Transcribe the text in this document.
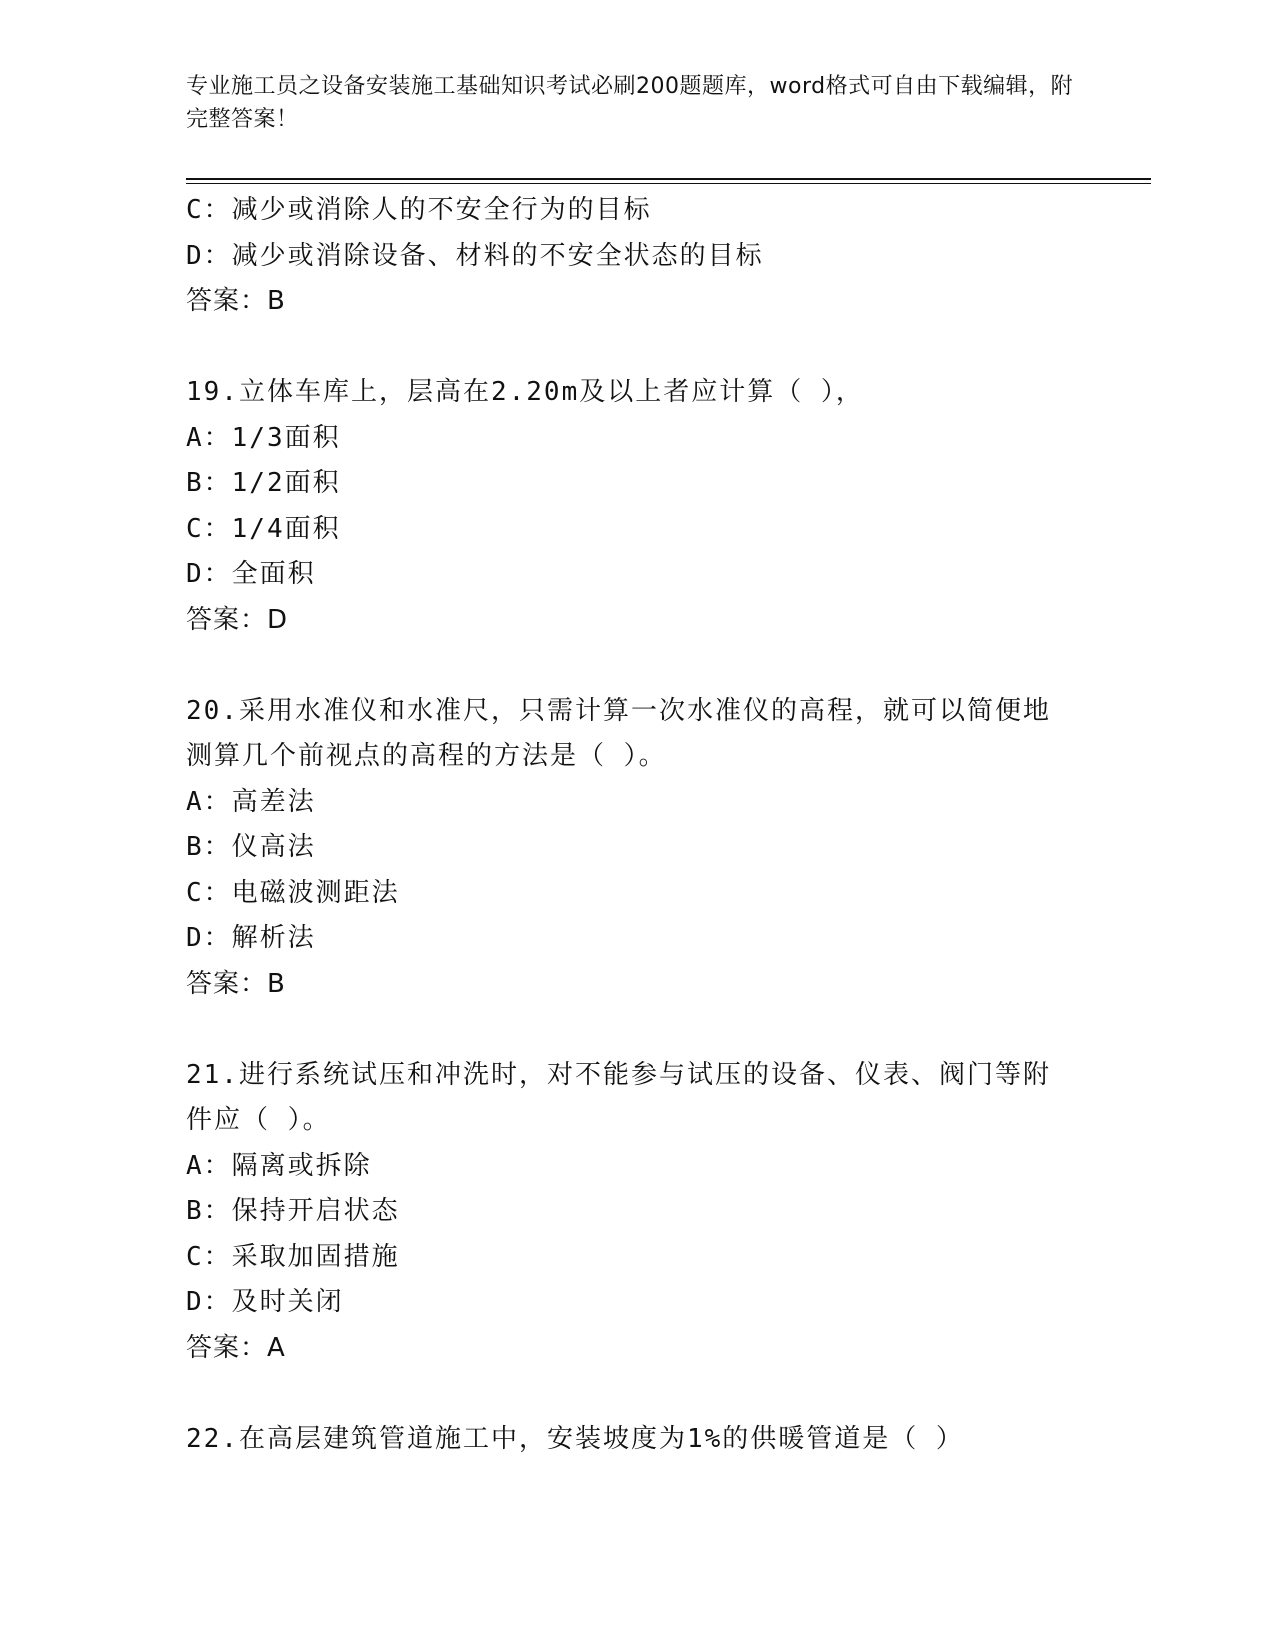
专业施工员之设备安装施工基础知识考试必刷200题题库，word格式可自由下载编辑，附完整答案！
C：减少或消除人的不安全行为的目标
D：减少或消除设备、材料的不安全状态的目标
答案：B
19.立体车库上，层高在2.20m及以上者应计算（ ），
A：1/3面积
B：1/2面积
C：1/4面积
D：全面积
答案：D
20.采用水准仪和水准尺，只需计算一次水准仪的高程，就可以简便地
测算几个前视点的高程的方法是（ ）。
A：高差法
B：仪高法
C：电磁波测距法
D：解析法
答案：B
21.进行系统试压和冲洗时，对不能参与试压的设备、仪表、阀门等附
件应（ ）。
A：隔离或拆除
B：保持开启状态
C：采取加固措施
D：及时关闭
答案：A
22.在高层建筑管道施工中，安装坡度为1%的供暖管道是（ ）
